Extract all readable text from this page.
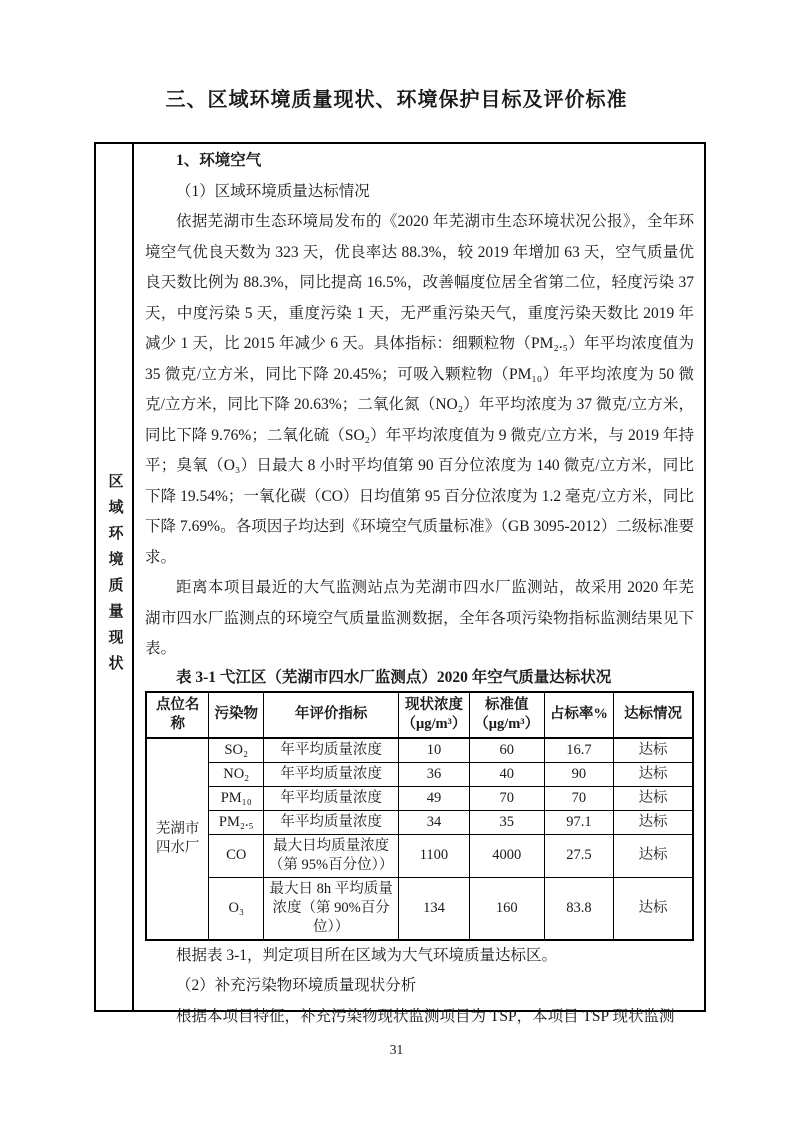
三、区域环境质量现状、环境保护目标及评价标准
区域环境质量现状

1、环境空气

（1）区域环境质量达标情况

依据芜湖市生态环境局发布的《2020 年芜湖市生态环境状况公报》，全年环境空气优良天数为 323 天，优良率达 88.3%，较 2019 年增加 63 天，空气质量优良天数比例为 88.3%，同比提高 16.5%，改善幅度位居全省第二位，轻度污染 37 天，中度污染 5 天，重度污染 1 天，无严重污染天气，重度污染天数比 2019 年减少 1 天，比 2015 年减少 6 天。具体指标：细颗粒物（PM₂.₅）年平均浓度值为 35 微克/立方米，同比下降 20.45%；可吸入颗粒物（PM₁₀）年平均浓度为 50 微克/立方米，同比下降 20.63%；二氧化氮（NO₂）年平均浓度为 37 微克/立方米，同比下降 9.76%；二氧化硫（SO₂）年平均浓度值为 9 微克/立方米，与 2019 年持平；臭氧（O₃）日最大 8 小时平均值第 90 百分位浓度为 140 微克/立方米，同比下降 19.54%；一氧化碳（CO）日均值第 95 百分位浓度为 1.2 毫克/立方米，同比下降 7.69%。各项因子均达到《环境空气质量标准》（GB 3095-2012）二级标准要求。

距离本项目最近的大气监测站点为芜湖市四水厂监测站，故采用 2020 年芜湖市四水厂监测点的环境空气质量监测数据，全年各项污染物指标监测结果见下表。

表 3-1 弋江区（芜湖市四水厂监测点）2020 年空气质量达标状况

点位名称	污染物	年评价指标	现状浓度（μg/m³）	标准值（μg/m³）	占标率%	达标情况
芜湖市四水厂	SO₂	年平均质量浓度	10	60	16.7	达标
	NO₂	年平均质量浓度	36	40	90	达标
	PM₁₀	年平均质量浓度	49	70	70	达标
	PM₂.₅	年平均质量浓度	34	35	97.1	达标
	CO	最大日均质量浓度（第 95%百分位））	1100	4000	27.5	达标
	O₃	最大日 8h 平均质量浓度（第 90%百分位））	134	160	83.8	达标

根据表 3-1，判定项目所在区域为大气环境质量达标区。

（2）补充污染物环境质量现状分析

根据本项目特征，补充污染物现状监测项目为 TSP，本项目 TSP 现状监测

31
